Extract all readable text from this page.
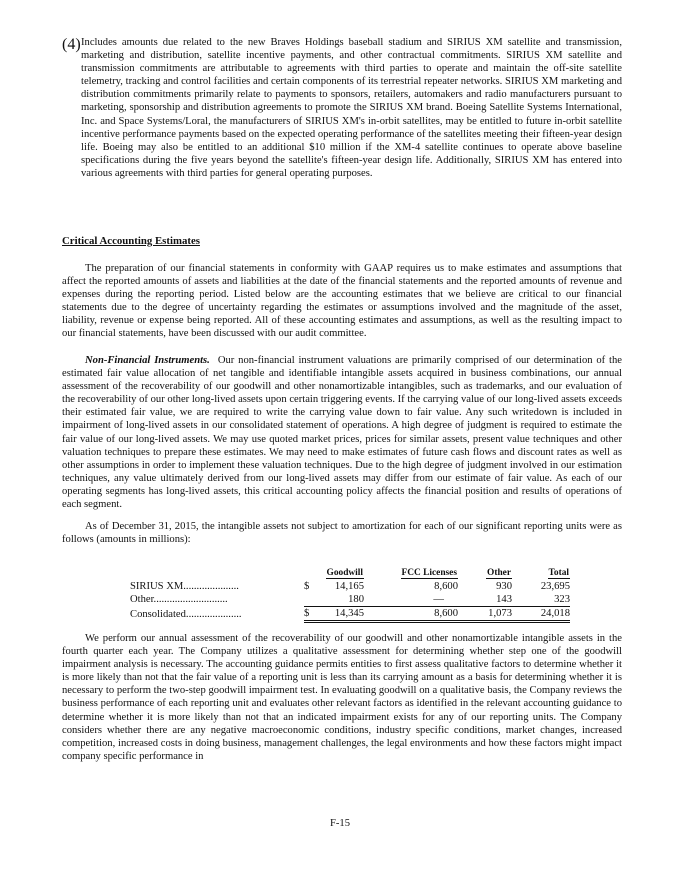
(4) Includes amounts due related to the new Braves Holdings baseball stadium and SIRIUS XM satellite and transmission, marketing and distribution, satellite incentive payments, and other contractual commitments. SIRIUS XM satellite and transmission commitments are attributable to agreements with third parties to operate and maintain the off-site satellite telemetry, tracking and control facilities and certain components of its terrestrial repeater networks. SIRIUS XM marketing and distribution commitments primarily relate to payments to sponsors, retailers, automakers and radio manufacturers pursuant to marketing, sponsorship and distribution agreements to promote the SIRIUS XM brand. Boeing Satellite Systems International, Inc. and Space Systems/Loral, the manufacturers of SIRIUS XM's in-orbit satellites, may be entitled to future in-orbit satellite incentive performance payments based on the expected operating performance of the satellites meeting their fifteen-year design life. Boeing may also be entitled to an additional $10 million if the XM-4 satellite continues to operate above baseline specifications during the five years beyond the satellite's fifteen-year design life. Additionally, SIRIUS XM has entered into various agreements with third parties for general operating purposes.

Critical Accounting Estimates

The preparation of our financial statements in conformity with GAAP requires us to make estimates and assumptions that affect the reported amounts of assets and liabilities at the date of the financial statements and the reported amounts of revenue and expenses during the reporting period. Listed below are the accounting estimates that we believe are critical to our financial statements due to the degree of uncertainty regarding the estimates or assumptions involved and the magnitude of the asset, liability, revenue or expense being reported. All of these accounting estimates and assumptions, as well as the resulting impact to our financial statements, have been discussed with our audit committee.

Non-Financial Instruments. Our non-financial instrument valuations are primarily comprised of our determination of the estimated fair value allocation of net tangible and identifiable intangible assets acquired in business combinations, our annual assessment of the recoverability of our goodwill and other nonamortizable intangibles, such as trademarks, and our evaluation of the recoverability of our other long-lived assets upon certain triggering events. If the carrying value of our long-lived assets exceeds their estimated fair value, we are required to write the carrying value down to fair value. Any such writedown is included in impairment of long-lived assets in our consolidated statement of operations. A high degree of judgment is required to estimate the fair value of our long-lived assets. We may use quoted market prices, prices for similar assets, present value techniques and other valuation techniques to prepare these estimates. We may need to make estimates of future cash flows and discount rates as well as other assumptions in order to implement these valuation techniques. Due to the high degree of judgment involved in our estimation techniques, any value ultimately derived from our long-lived assets may differ from our estimate of fair value. As each of our operating segments has long-lived assets, this critical accounting policy affects the financial position and results of operations of each segment.

As of December 31, 2015, the intangible assets not subject to amortization for each of our significant reporting units were as follows (amounts in millions):

		Goodwill	FCC Licenses	Other	Total
SIRIUS XM.....................	$	14,165	8,600	930	23,695
Other............................		180	—	143	323
Consolidated.....................	$	14,345	8,600	1,073	24,018

We perform our annual assessment of the recoverability of our goodwill and other nonamortizable intangible assets in the fourth quarter each year. The Company utilizes a qualitative assessment for determining whether step one of the goodwill impairment analysis is necessary. The accounting guidance permits entities to first assess qualitative factors to determine whether it is more likely than not that the fair value of a reporting unit is less than its carrying amount as a basis for determining whether it is necessary to perform the two-step goodwill impairment test. In evaluating goodwill on a qualitative basis, the Company reviews the business performance of each reporting unit and evaluates other relevant factors as identified in the relevant accounting guidance to determine whether it is more likely than not that an indicated impairment exists for any of our reporting units. The Company considers whether there are any negative macroeconomic conditions, industry specific conditions, market changes, increased competition, increased costs in doing business, management challenges, the legal environments and how these factors might impact company specific performance in

F-15
